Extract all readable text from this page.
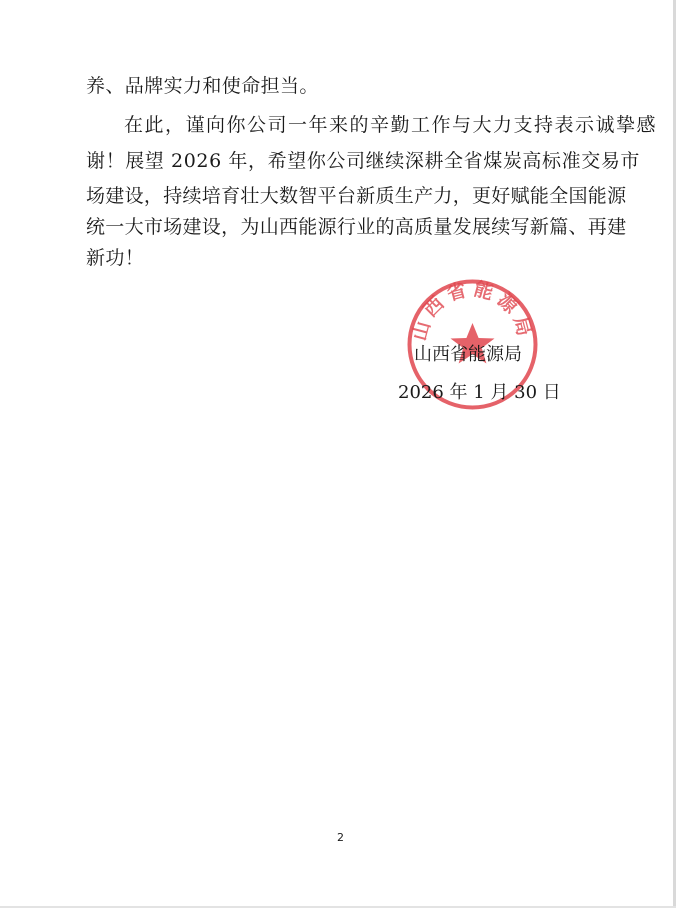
养、品牌实力和使命担当。
在此，谨向你公司一年来的辛勤工作与大力支持表示诚挚感
谢！展望 2026 年，希望你公司继续深耕全省煤炭高标准交易市
场建设，持续培育壮大数智平台新质生产力，更好赋能全国能源
统一大市场建设，为山西能源行业的高质量发展续写新篇、再建
新功！
山西省能源局
山西省能源局
2026 年 1 月 30 日
2
